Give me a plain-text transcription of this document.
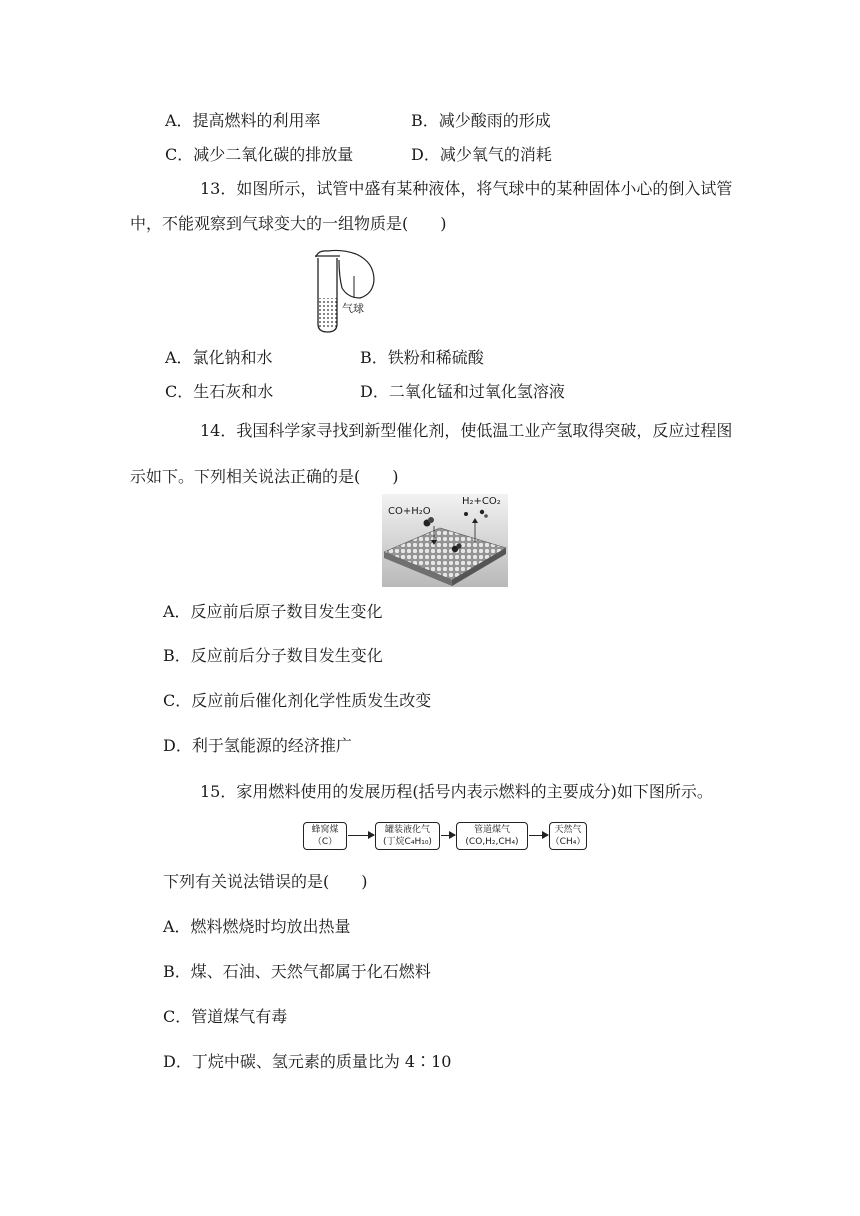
A．提高燃料的利用率	B．减少酸雨的形成
C．减少二氧化碳的排放量	D．减少氧气的消耗
13．如图所示，试管中盛有某种液体，将气球中的某种固体小心的倒入试管
中，不能观察到气球变大的一组物质是(　　)
气球
A．氯化钠和水	B．铁粉和稀硫酸
C．生石灰和水	D．二氧化锰和过氧化氢溶液
14．我国科学家寻找到新型催化剂，使低温工业产氢取得突破，反应过程图
示如下。下列相关说法正确的是(　　)
CO+H₂O
H₂+CO₂
A．反应前后原子数目发生变化
B．反应前后分子数目发生变化
C．反应前后催化剂化学性质发生改变
D．利于氢能源的经济推广
15．家用燃料使用的发展历程(括号内表示燃料的主要成分)如下图所示。
蜂窝煤
（C）
罐装液化气
(丁烷C₄H₁₀)
管道煤气
(CO,H₂,CH₄)
天然气
（CH₄）
下列有关说法错误的是(　　)
A．燃料燃烧时均放出热量
B．煤、石油、天然气都属于化石燃料
C．管道煤气有毒
D．丁烷中碳、氢元素的质量比为 4∶10
